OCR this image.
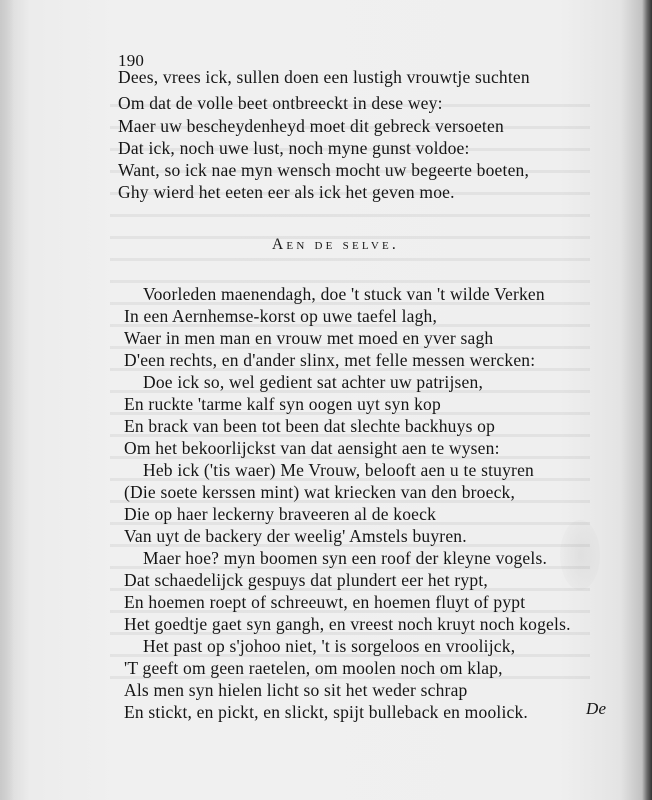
190
Dees, vrees ick, sullen doen een lustigh vrouwtje suchten
Om dat de volle beet ontbreeckt in dese wey:
Maer uw bescheydenheyd moet dit gebreck versoeten
Dat ick, noch uwe lust, noch myne gunst voldoe:
Want, so ick nae myn wensch mocht uw begeerte boeten,
Ghy wierd het eeten eer als ick het geven moe.
Aen de selve.
Voorleden maenendagh, doe 't stuck van 't wilde Verken
In een Aernhemse-korst op uwe taefel lagh,
Waer in men man en vrouw met moed en yver sagh
D'een rechts, en d'ander slinx, met felle messen wercken:
Doe ick so, wel gedient sat achter uw patrijsen,
En ruckte 'tarme kalf syn oogen uyt syn kop
En brack van been tot been dat slechte backhuys op
Om het bekoorlijckst van dat aensight aen te wysen:
Heb ick ('tis waer) Me Vrouw, belooft aen u te stuyren
(Die soete kerssen mint) wat kriecken van den broeck,
Die op haer leckerny braveeren al de koeck
Van uyt de backery der weelig' Amstels buyren.
Maer hoe? myn boomen syn een roof der kleyne vogels.
Dat schaedelijck gespuys dat plundert eer het rypt,
En hoemen roept of schreeuwt, en hoemen fluyt of pypt
Het goedtje gaet syn gangh, en vreest noch kruyt noch kogels.
Het past op s'johoo niet, 't is sorgeloos en vroolijck,
'T geeft om geen raetelen, om moolen noch om klap,
Als men syn hielen licht so sit het weder schrap
En stickt, en pickt, en slickt, spijt bulleback en moolick.	De
